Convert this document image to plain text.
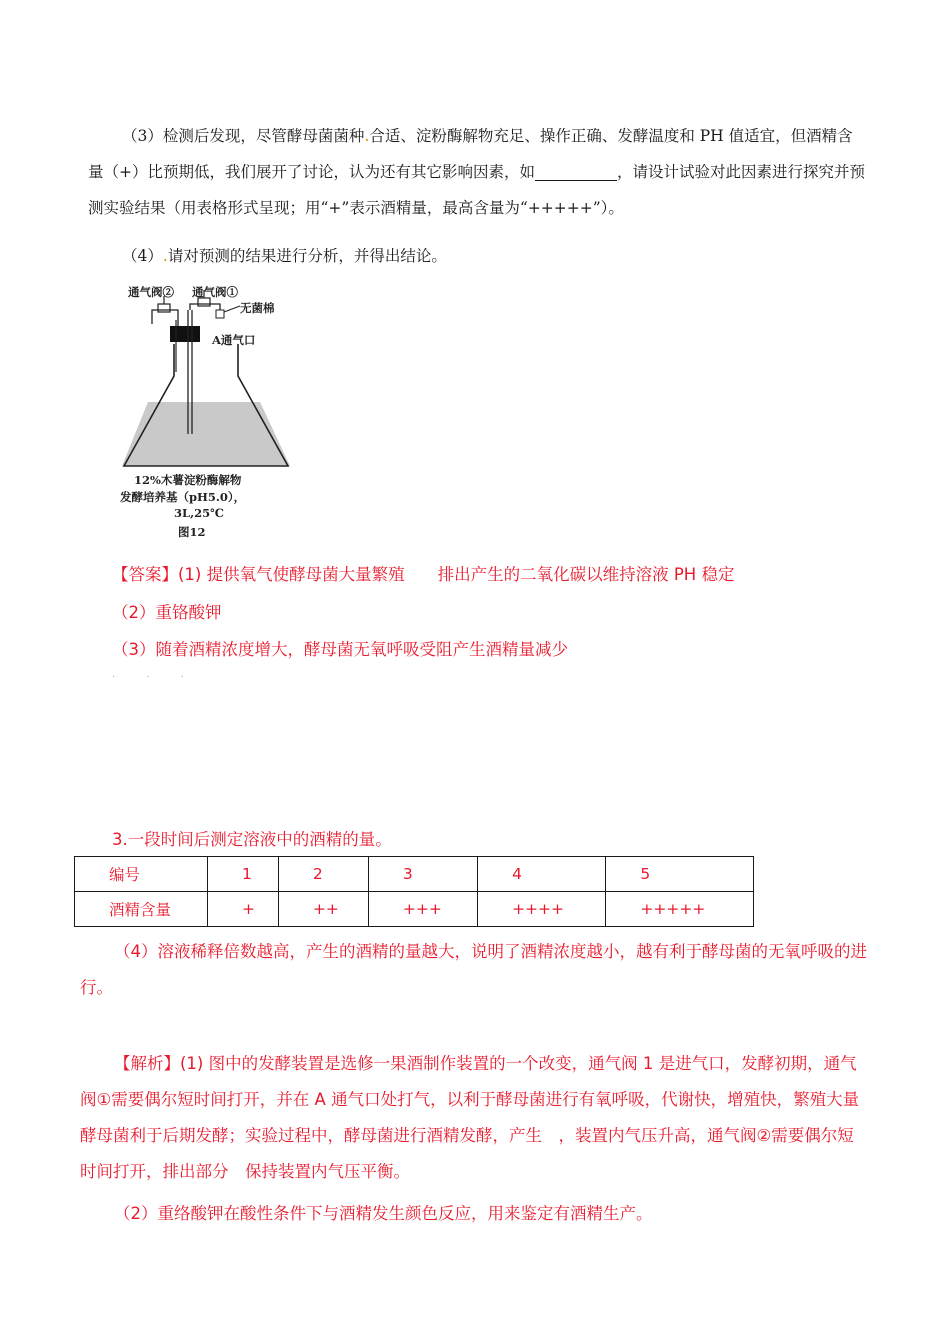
（3）检测后发现，尽管酵母菌菌种.合适、淀粉酶解物充足、操作正确、发酵温度和 PH 值适宜，但酒精含量（+）比预期低，我们展开了讨论，认为还有其它影响因素，如	，请设计试验对此因素进行探究并预测实验结果（用表格形式呈现；用“+”表示酒精量，最高含量为“+++++”）。
（4）.请对预测的结果进行分析，并得出结论。
通气阀② 通气阀①
无菌棉
A通气口
12%木薯淀粉酶解物
发酵培养基（pH5.0），
3L,25℃
图12
【答案】(1) 提供氧气使酵母菌大量繁殖　　排出产生的二氧化碳以维持溶液 PH 稳定
（2）重铬酸钾
（3）随着酒精浓度增大，酵母菌无氧呼吸受阻产生酒精量减少
· · ·
3.一段时间后测定溶液中的酒精的量。
编号	1	2	3	4	5
酒精含量	+	++	+++	++++	+++++
（4）溶液稀释倍数越高，产生的酒精的量越大，说明了酒精浓度越小，越有利于酵母菌的无氧呼吸的进行。
【解析】(1) 图中的发酵装置是选修一果酒制作装置的一个改变，通气阀 1 是进气口，发酵初期，通气阀①需要偶尔短时间打开，并在 A 通气口处打气，以利于酵母菌进行有氧呼吸，代谢快，增殖快，繁殖大量酵母菌利于后期发酵；实验过程中，酵母菌进行酒精发酵，产生　，装置内气压升高，通气阀②需要偶尔短时间打开，排出部分　保持装置内气压平衡。
（2）重络酸钾在酸性条件下与酒精发生颜色反应，用来鉴定有酒精生产。
